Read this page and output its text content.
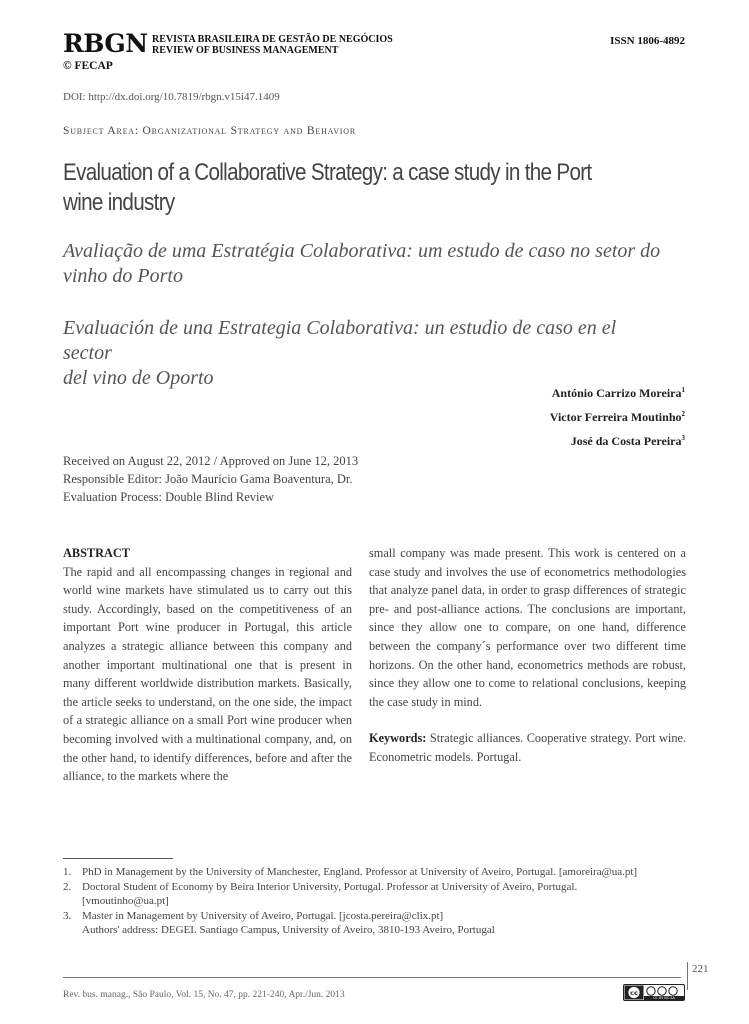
RBGN REVISTA BRASILEIRA DE GESTÃO DE NEGÓCIOS
REVIEW OF BUSINESS MANAGEMENT
ISSN 1806-4892
© FECAP
DOI: http://dx.doi.org/10.7819/rbgn.v15i47.1409
Subject Area: Organizational Strategy and Behavior
Evaluation of a Collaborative Strategy: a case study in the Port
wine industry
Avaliação de uma Estratégia Colaborativa: um estudo de caso no setor do
vinho do Porto
Evaluación de una Estrategia Colaborativa: un estudio de caso en el sector
del vino de Oporto
António Carrizo Moreira$^1$
Victor Ferreira Moutinho$^2$
José da Costa Pereira$^3$
Received on August 22, 2012 / Approved on June 12, 2013
Responsible Editor: João Maurício Gama Boaventura, Dr.
Evaluation Process: Double Blind Review
ABSTRACT
The rapid and all encompassing changes in regional and world wine markets have stimulated us to carry out this study. Accordingly, based on the competitiveness of an important Port wine producer in Portugal, this article analyzes a strategic alliance between this company and another important multinational one that is present in many different worldwide distribution markets. Basically, the article seeks to understand, on the one side, the impact of a strategic alliance on a small Port wine producer when becoming involved with a multinational company, and, on the other hand, to identify differences, before and after the alliance, to the markets where the
small company was made present. This work is centered on a case study and involves the use of econometrics methodologies that analyze panel data, in order to grasp differences of strategic pre- and post-alliance actions. The conclusions are important, since they allow one to compare, on one hand, difference between the company´s performance over two different time horizons. On the other hand, econometrics methods are robust, since they allow one to come to relational conclusions, keeping the case study in mind.
Keywords: Strategic alliances. Cooperative strategy. Port wine. Econometric models. Portugal.
1. PhD in Management by the University of Manchester, England. Professor at University of Aveiro, Portugal. [amoreira@ua.pt]
2. Doctoral Student of Economy by Beira Interior University, Portugal. Professor at University of Aveiro, Portugal.
[vmoutinho@ua.pt]
3. Master in Management by University of Aveiro, Portugal. [jcosta.pereira@clix.pt]
Authors' address: DEGEI. Santiago Campus, University of Aveiro, 3810-193 Aveiro, Portugal
221
Rev. bus. manag., São Paulo, Vol. 15, No. 47, pp. 221-240, Apr./Jun. 2013	cc
CC BY NC SA
